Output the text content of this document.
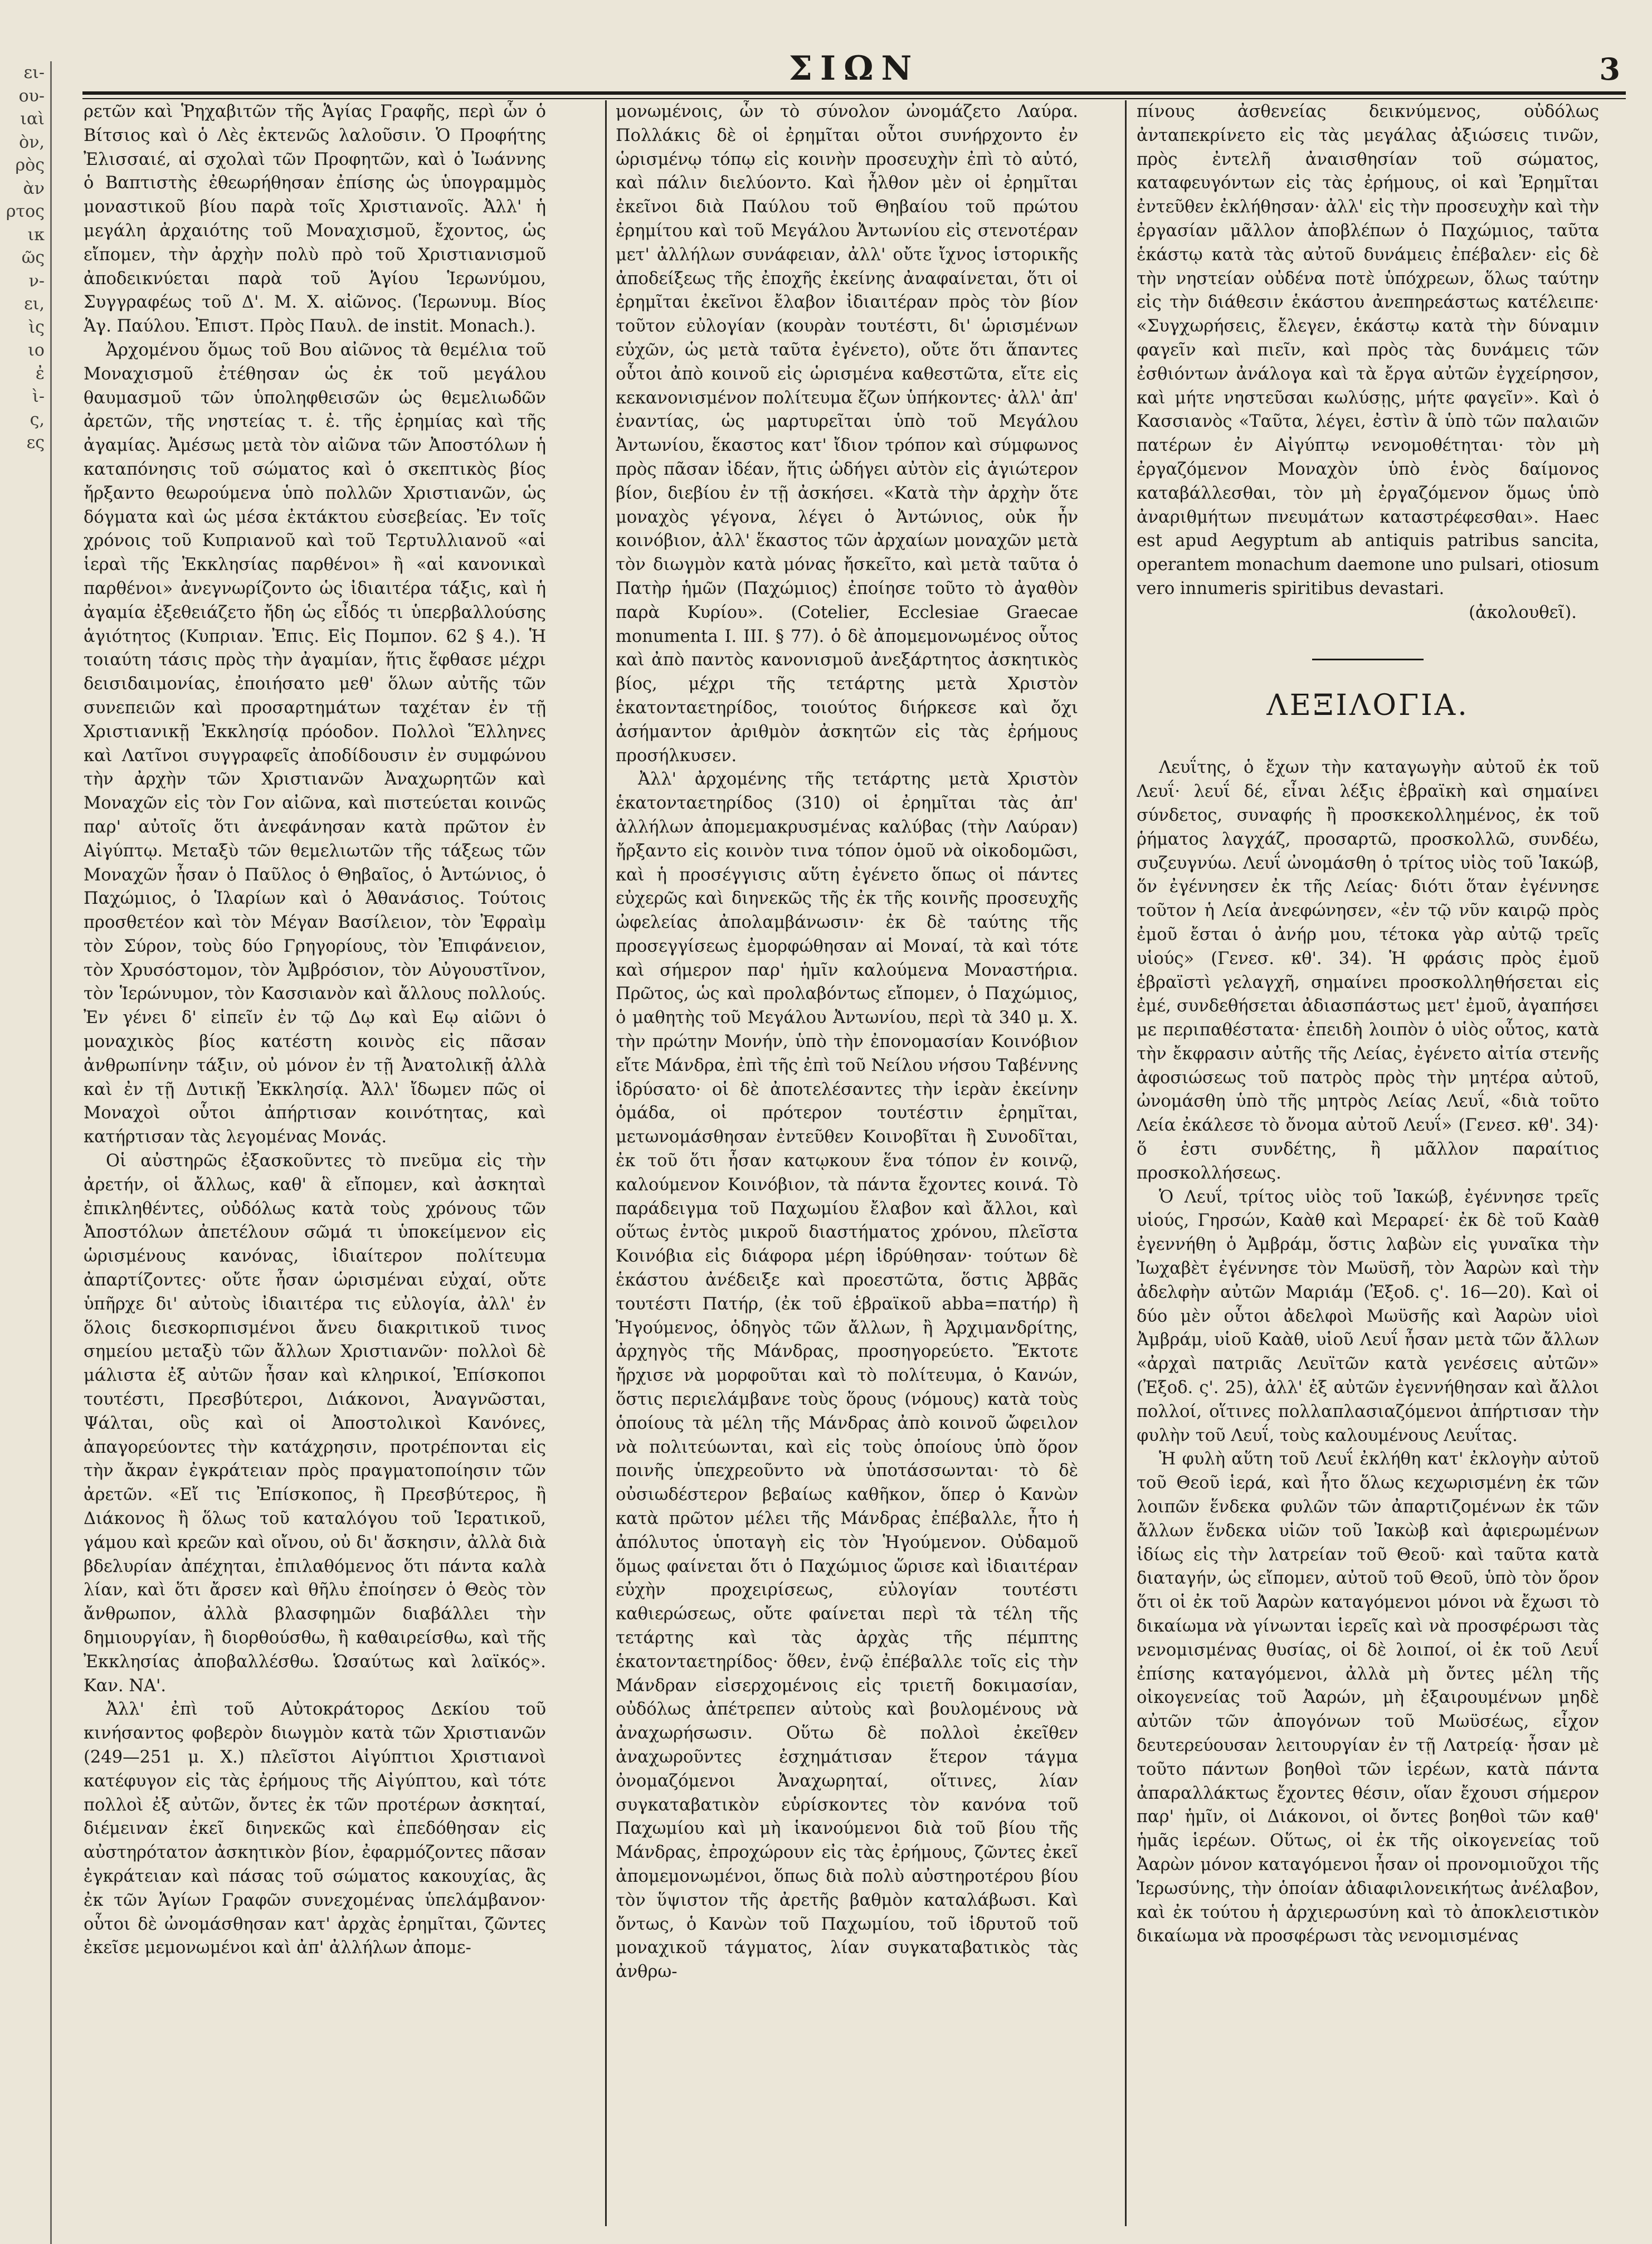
ει-
ου-
ιαὶ
ὸν,
ρὸς
ὰν
ρτος
ικ
ῶς
ν-
ει,
ὶς
ιο
ἐ
ὶ-
ς,
ες
ΣΙΩΝ	3

ρετῶν καὶ Ῥηχαβιτῶν τῆς Ἁγίας Γραφῆς, περὶ ὧν ὁ Βίτσιος καὶ ὁ Λὲς ἐκτενῶς λαλοῦσιν. Ὁ Προφήτης Ἐλισσαιέ, αἱ σχολαὶ τῶν Προφητῶν, καὶ ὁ Ἰωάννης ὁ Βαπτιστὴς ἐθεωρήθησαν ἐπίσης ὡς ὑπογραμμὸς μοναστικοῦ βίου παρὰ τοῖς Χριστιανοῖς. Ἀλλ' ἡ μεγάλη ἀρχαιότης τοῦ Μοναχισμοῦ, ἔχοντος, ὡς εἴπομεν, τὴν ἀρχὴν πολὺ πρὸ τοῦ Χριστιανισμοῦ ἀποδεικνύεται παρὰ τοῦ Ἁγίου Ἱερωνύμου, Συγγραφέως τοῦ Δ'. Μ. Χ. αἰῶνος. (Ἱερωνυμ. Βίος Ἁγ. Παύλου. Ἐπιστ. Πρὸς Παυλ. de instit. Monach.).

Ἀρχομένου ὅμως τοῦ Βου αἰῶνος τὰ θεμέλια τοῦ Μοναχισμοῦ ἐτέθησαν ὡς ἐκ τοῦ μεγάλου θαυμασμοῦ τῶν ὑποληφθεισῶν ὡς θεμελιωδῶν ἀρετῶν, τῆς νηστείας τ. ἐ. τῆς ἐρημίας καὶ τῆς ἀγαμίας. Ἀμέσως μετὰ τὸν αἰῶνα τῶν Ἀποστόλων ἡ καταπόνησις τοῦ σώματος καὶ ὁ σκεπτικὸς βίος ἤρξαντο θεωρούμενα ὑπὸ πολλῶν Χριστιανῶν, ὡς δόγματα καὶ ὡς μέσα ἐκτάκτου εὐσεβείας. Ἐν τοῖς χρόνοις τοῦ Κυπριανοῦ καὶ τοῦ Τερτυλλιανοῦ «αἱ ἱεραὶ τῆς Ἐκκλησίας παρθένοι» ἢ «αἱ κανονικαὶ παρθένοι» ἀνεγνωρίζοντο ὡς ἰδιαιτέρα τάξις, καὶ ἡ ἀγαμία ἐξεθειάζετο ἤδη ὡς εἶδός τι ὑπερβαλλούσης ἁγιότητος (Κυπριαν. Ἐπις. Εἰς Πομπον. 62 § 4.). Ἡ τοιαύτη τάσις πρὸς τὴν ἀγαμίαν, ἥτις ἔφθασε μέχρι δεισιδαιμονίας, ἐποιήσατο μεθ' ὅλων αὐτῆς τῶν συνεπειῶν καὶ προσαρτημάτων ταχέταν ἐν τῇ Χριστιανικῇ Ἐκκλησίᾳ πρόοδον. Πολλοὶ Ἕλληνες καὶ Λατῖνοι συγγραφεῖς ἀποδίδουσιν ἐν συμφώνου τὴν ἀρχὴν τῶν Χριστιανῶν Ἀναχωρητῶν καὶ Μοναχῶν εἰς τὸν Γον αἰῶνα, καὶ πιστεύεται κοινῶς παρ' αὐτοῖς ὅτι ἀνεφάνησαν κατὰ πρῶτον ἐν Αἰγύπτῳ. Μεταξὺ τῶν θεμελιωτῶν τῆς τάξεως τῶν Μοναχῶν ἦσαν ὁ Παῦλος ὁ Θηβαῖος, ὁ Ἀντώνιος, ὁ Παχώμιος, ὁ Ἱλαρίων καὶ ὁ Ἀθανάσιος. Τούτοις προσθετέον καὶ τὸν Μέγαν Βασίλειον, τὸν Ἐφραὶμ τὸν Σύρον, τοὺς δύο Γρηγορίους, τὸν Ἐπιφάνειον, τὸν Χρυσόστομον, τὸν Ἀμβρόσιον, τὸν Αὐγουστῖνον, τὸν Ἱερώνυμον, τὸν Κασσιανὸν καὶ ἄλλους πολλούς. Ἐν γένει δ' εἰπεῖν ἐν τῷ Δῳ καὶ Εῳ αἰῶνι ὁ μοναχικὸς βίος κατέστη κοινὸς εἰς πᾶσαν ἀνθρωπίνην τάξιν, οὐ μόνον ἐν τῇ Ἀνατολικῇ ἀλλὰ καὶ ἐν τῇ Δυτικῇ Ἐκκλησίᾳ. Ἀλλ' ἴδωμεν πῶς οἱ Μοναχοὶ οὗτοι ἀπήρτισαν κοινότητας, καὶ κατήρτισαν τὰς λεγομένας Μονάς.

Οἱ αὐστηρῶς ἐξασκοῦντες τὸ πνεῦμα εἰς τὴν ἀρετήν, οἱ ἄλλως, καθ' ἃ εἴπομεν, καὶ ἀσκηταὶ ἐπικληθέντες, οὐδόλως κατὰ τοὺς χρόνους τῶν Ἀποστόλων ἀπετέλουν σῶμά τι ὑποκείμενον εἰς ὡρισμένους κανόνας, ἰδιαίτερον πολίτευμα ἀπαρτίζοντες· οὔτε ἦσαν ὡρισμέναι εὐχαί, οὔτε ὑπῆρχε δι' αὐτοὺς ἰδιαιτέρα τις εὐλογία, ἀλλ' ἐν ὅλοις διεσκορπισμένοι ἄνευ διακριτικοῦ τινος σημείου μεταξὺ τῶν ἄλλων Χριστιανῶν· πολλοὶ δὲ μάλιστα ἐξ αὐτῶν ἦσαν καὶ κληρικοί, Ἐπίσκοποι τουτέστι, Πρεσβύτεροι, Διάκονοι, Ἀναγνῶσται, Ψάλται, οὓς καὶ οἱ Ἀποστολικοὶ Κανόνες, ἀπαγορεύοντες τὴν κατάχρησιν, προτρέπονται εἰς τὴν ἄκραν ἐγκράτειαν πρὸς πραγματοποίησιν τῶν ἀρετῶν. «Εἴ τις Ἐπίσκοπος, ἢ Πρεσβύτερος, ἢ Διάκονος ἢ ὅλως τοῦ καταλόγου τοῦ Ἱερατικοῦ, γάμου καὶ κρεῶν καὶ οἴνου, οὐ δι' ἄσκησιν, ἀλλὰ διὰ βδελυρίαν ἀπέχηται, ἐπιλαθόμενος ὅτι πάντα καλὰ λίαν, καὶ ὅτι ἄρσεν καὶ θῆλυ ἐποίησεν ὁ Θεὸς τὸν ἄνθρωπον, ἀλλὰ βλασφημῶν διαβάλλει τὴν δημιουργίαν, ἢ διορθούσθω, ἢ καθαιρείσθω, καὶ τῆς Ἐκκλησίας ἀποβαλλέσθω. Ὡσαύτως καὶ λαϊκός». Καν. ΝΑ'.

Ἀλλ' ἐπὶ τοῦ Αὐτοκράτορος Δεκίου τοῦ κινήσαντος φοβερὸν διωγμὸν κατὰ τῶν Χριστιανῶν (249—251 μ. Χ.) πλεῖστοι Αἰγύπτιοι Χριστιανοὶ κατέφυγον εἰς τὰς ἐρήμους τῆς Αἰγύπτου, καὶ τότε πολλοὶ ἐξ αὐτῶν, ὄντες ἐκ τῶν προτέρων ἀσκηταί, διέμειναν ἐκεῖ διηνεκῶς καὶ ἐπεδόθησαν εἰς αὐστηρότατον ἀσκητικὸν βίον, ἐφαρμόζοντες πᾶσαν ἐγκράτειαν καὶ πάσας τοῦ σώματος κακουχίας, ἃς ἐκ τῶν Ἁγίων Γραφῶν συνεχομένας ὑπελάμβανον· οὗτοι δὲ ὠνομάσθησαν κατ' ἀρχὰς ἐρημῖται, ζῶντες ἐκεῖσε μεμονωμένοι καὶ ἀπ' ἀλλήλων ἀπομε-

μονωμένοις, ὧν τὸ σύνολον ὠνομάζετο Λαύρα. Πολλάκις δὲ οἱ ἐρημῖται οὗτοι συνήρχοντο ἐν ὡρισμένῳ τόπῳ εἰς κοινὴν προσευχὴν ἐπὶ τὸ αὐτό, καὶ πάλιν διελύοντο. Καὶ ἦλθον μὲν οἱ ἐρημῖται ἐκεῖνοι διὰ Παύλου τοῦ Θηβαίου τοῦ πρώτου ἐρημίτου καὶ τοῦ Μεγάλου Ἀντωνίου εἰς στενοτέραν μετ' ἀλλήλων συνάφειαν, ἀλλ' οὔτε ἴχνος ἱστορικῆς ἀποδείξεως τῆς ἐποχῆς ἐκείνης ἀναφαίνεται, ὅτι οἱ ἐρημῖται ἐκεῖνοι ἔλαβον ἰδιαιτέραν πρὸς τὸν βίον τοῦτον εὐλογίαν (κουρὰν τουτέστι, δι' ὡρισμένων εὐχῶν, ὡς μετὰ ταῦτα ἐγένετο), οὔτε ὅτι ἅπαντες οὗτοι ἀπὸ κοινοῦ εἰς ὡρισμένα καθεστῶτα, εἴτε εἰς κεκανονισμένον πολίτευμα ἔζων ὑπήκοντες· ἀλλ' ἀπ' ἐναντίας, ὡς μαρτυρεῖται ὑπὸ τοῦ Μεγάλου Ἀντωνίου, ἕκαστος κατ' ἴδιον τρόπον καὶ σύμφωνος πρὸς πᾶσαν ἰδέαν, ἥτις ὡδήγει αὐτὸν εἰς ἁγιώτερον βίον, διεβίου ἐν τῇ ἀσκήσει. «Κατὰ τὴν ἀρχὴν ὅτε μοναχὸς γέγονα, λέγει ὁ Ἀντώνιος, οὐκ ἦν κοινόβιον, ἀλλ' ἕκαστος τῶν ἀρχαίων μοναχῶν μετὰ τὸν διωγμὸν κατὰ μόνας ἤσκεῖτο, καὶ μετὰ ταῦτα ὁ Πατὴρ ἡμῶν (Παχώμιος) ἐποίησε τοῦτο τὸ ἀγαθὸν παρὰ Κυρίου». (Cotelier, Ecclesiae Graecae monumenta I. III. § 77). ὁ δὲ ἀπομεμονωμένος οὗτος καὶ ἀπὸ παντὸς κανονισμοῦ ἀνεξάρτητος ἀσκητικὸς βίος, μέχρι τῆς τετάρτης μετὰ Χριστὸν ἑκατονταετηρίδος, τοιούτος διήρκεσε καὶ ὄχι ἀσήμαντον ἀριθμὸν ἀσκητῶν εἰς τὰς ἐρήμους προσήλκυσεν.

Ἀλλ' ἀρχομένης τῆς τετάρτης μετὰ Χριστὸν ἑκατονταετηρίδος (310) οἱ ἐρημῖται τὰς ἀπ' ἀλλήλων ἀπομεμακρυσμένας καλύβας (τὴν Λαύραν) ἤρξαντο εἰς κοινὸν τινα τόπον ὁμοῦ νὰ οἰκοδομῶσι, καὶ ἡ προσέγγισις αὕτη ἐγένετο ὅπως οἱ πάντες εὐχερῶς καὶ διηνεκῶς τῆς ἐκ τῆς κοινῆς προσευχῆς ὠφελείας ἀπολαμβάνωσιν· ἐκ δὲ ταύτης τῆς προσεγγίσεως ἐμορφώθησαν αἱ Μοναί, τὰ καὶ τότε καὶ σήμερον παρ' ἡμῖν καλούμενα Μοναστήρια. Πρῶτος, ὡς καὶ προλαβόντως εἴπομεν, ὁ Παχώμιος, ὁ μαθητὴς τοῦ Μεγάλου Ἀντωνίου, περὶ τὰ 340 μ. Χ. τὴν πρώτην Μονήν, ὑπὸ τὴν ἐπονομασίαν Κοινόβιον εἴτε Μάνδρα, ἐπὶ τῆς ἐπὶ τοῦ Νείλου νήσου Ταβέννης ἱδρύσατο· οἱ δὲ ἀποτελέσαντες τὴν ἱερὰν ἐκείνην ὁμάδα, οἱ πρότερον τουτέστιν ἐρημῖται, μετωνομάσθησαν ἐντεῦθεν Κοινοβῖται ἢ Συνοδῖται, ἐκ τοῦ ὅτι ἦσαν κατῳκουν ἕνα τόπον ἐν κοινῷ, καλούμενον Κοινόβιον, τὰ πάντα ἔχοντες κοινά. Τὸ παράδειγμα τοῦ Παχωμίου ἔλαβον καὶ ἄλλοι, καὶ οὕτως ἐντὸς μικροῦ διαστήματος χρόνου, πλεῖστα Κοινόβια εἰς διάφορα μέρη ἱδρύθησαν· τούτων δὲ ἑκάστου ἀνέδειξε καὶ προεστῶτα, ὅστις Ἀββᾶς τουτέστι Πατήρ, (ἐκ τοῦ ἑβραϊκοῦ abba=πατήρ) ἢ Ἡγούμενος, ὁδηγὸς τῶν ἄλλων, ἢ Ἀρχιμανδρίτης, ἀρχηγὸς τῆς Μάνδρας, προσηγορεύετο. Ἔκτοτε ἤρχισε νὰ μορφοῦται καὶ τὸ πολίτευμα, ὁ Κανών, ὅστις περιελάμβανε τοὺς ὅρους (νόμους) κατὰ τοὺς ὁποίους τὰ μέλη τῆς Μάνδρας ἀπὸ κοινοῦ ὤφειλον νὰ πολιτεύωνται, καὶ εἰς τοὺς ὁποίους ὑπὸ ὅρον ποινῆς ὑπεχρεοῦντο νὰ ὑποτάσσωνται· τὸ δὲ οὐσιωδέστερον βεβαίως καθῆκον, ὅπερ ὁ Κανὼν κατὰ πρῶτον μέλει τῆς Μάνδρας ἐπέβαλλε, ἦτο ἡ ἀπόλυτος ὑποταγὴ εἰς τὸν Ἡγούμενον. Οὐδαμοῦ ὅμως φαίνεται ὅτι ὁ Παχώμιος ὥρισε καὶ ἰδιαιτέραν εὐχὴν προχειρίσεως, εὐλογίαν τουτέστι καθιερώσεως, οὔτε φαίνεται περὶ τὰ τέλη τῆς τετάρτης καὶ τὰς ἀρχὰς τῆς πέμπτης ἑκατονταετηρίδος· ὅθεν, ἐνῷ ἐπέβαλλε τοῖς εἰς τὴν Μάνδραν εἰσερχομένοις εἰς τριετῆ δοκιμασίαν, οὐδόλως ἀπέτρεπεν αὐτοὺς καὶ βουλομένους νὰ ἀναχωρήσωσιν. Οὕτω δὲ πολλοὶ ἐκεῖθεν ἀναχωροῦντες ἐσχημάτισαν ἕτερον τάγμα ὀνομαζόμενοι Ἀναχωρηταί, οἵτινες, λίαν συγκαταβατικὸν εὑρίσκοντες τὸν κανόνα τοῦ Παχωμίου καὶ μὴ ἱκανούμενοι διὰ τοῦ βίου τῆς Μάνδρας, ἐπροχώρουν εἰς τὰς ἐρήμους, ζῶντες ἐκεῖ ἀπομεμονωμένοι, ὅπως διὰ πολὺ αὐστηροτέρου βίου τὸν ὕψιστον τῆς ἀρετῆς βαθμὸν καταλάβωσι. Καὶ ὄντως, ὁ Κανὼν τοῦ Παχωμίου, τοῦ ἱδρυτοῦ τοῦ μοναχικοῦ τάγματος, λίαν συγκαταβατικὸς τὰς ἀνθρω-

πίνους ἀσθενείας δεικνύμενος, οὐδόλως ἀνταπεκρίνετο εἰς τὰς μεγάλας ἀξιώσεις τινῶν, πρὸς ἐντελῆ ἀναισθησίαν τοῦ σώματος, καταφευγόντων εἰς τὰς ἐρήμους, οἱ καὶ Ἐρημῖται ἐντεῦθεν ἐκλήθησαν· ἀλλ' εἰς τὴν προσευχὴν καὶ τὴν ἐργασίαν μᾶλλον ἀποβλέπων ὁ Παχώμιος, ταῦτα ἑκάστῳ κατὰ τὰς αὐτοῦ δυνάμεις ἐπέβαλεν· εἰς δὲ τὴν νηστείαν οὐδένα ποτὲ ὑπόχρεων, ὅλως ταύτην εἰς τὴν διάθεσιν ἑκάστου ἀνεπηρεάστως κατέλειπε· «Συγχωρήσεις, ἔλεγεν, ἑκάστῳ κατὰ τὴν δύναμιν φαγεῖν καὶ πιεῖν, καὶ πρὸς τὰς δυνάμεις τῶν ἐσθιόντων ἀνάλογα καὶ τὰ ἔργα αὐτῶν ἐγχείρησον, καὶ μήτε νηστεῦσαι κωλύσῃς, μήτε φαγεῖν». Καὶ ὁ Κασσιανὸς «Ταῦτα, λέγει, ἐστὶν ἃ ὑπὸ τῶν παλαιῶν πατέρων ἐν Αἰγύπτῳ νενομοθέτηται· τὸν μὴ ἐργαζόμενον Μοναχὸν ὑπὸ ἑνὸς δαίμονος καταβάλλεσθαι, τὸν μὴ ἐργαζόμενον ὅμως ὑπὸ ἀναριθμήτων πνευμάτων καταστρέφεσθαι». Haec est apud Aegyptum ab antiquis patribus sancita, operantem monachum daemone uno pulsari, otiosum vero innumeris spiritibus devastari.

(ἀκολουθεῖ).

ΛΕΞΙΛΟΓΙΑ.

Λευΐτης, ὁ ἔχων τὴν καταγωγὴν αὐτοῦ ἐκ τοῦ Λευΐ· λευΐ δέ, εἶναι λέξις ἑβραϊκὴ καὶ σημαίνει σύνδετος, συναφής ἢ προσκεκολλημένος, ἐκ τοῦ ῥήματος λαγχάζ, προσαρτῶ, προσκολλῶ, συνδέω, συζευγνύω. Λευΐ ὠνομάσθη ὁ τρίτος υἱὸς τοῦ Ἰακώβ, ὅν ἐγέννησεν ἐκ τῆς Λείας· διότι ὅταν ἐγέννησε τοῦτον ἡ Λεία ἀνεφώνησεν, «ἐν τῷ νῦν καιρῷ πρὸς ἐμοῦ ἔσται ὁ ἀνήρ μου, τέτοκα γὰρ αὐτῷ τρεῖς υἱούς» (Γενεσ. κθ'. 34). Ἡ φράσις πρὸς ἐμοῦ ἑβραϊστὶ γελαγχῆ, σημαίνει προσκολληθήσεται εἰς ἐμέ, συνδεθήσεται ἀδιασπάστως μετ' ἐμοῦ, ἀγαπήσει με περιπαθέστατα· ἐπειδὴ λοιπὸν ὁ υἱὸς οὗτος, κατὰ τὴν ἔκφρασιν αὐτῆς τῆς Λείας, ἐγένετο αἰτία στενῆς ἀφοσιώσεως τοῦ πατρὸς πρὸς τὴν μητέρα αὐτοῦ, ὠνομάσθη ὑπὸ τῆς μητρὸς Λείας Λευΐ, «διὰ τοῦτο Λεία ἐκάλεσε τὸ ὄνομα αὐτοῦ Λευΐ» (Γενεσ. κθ'. 34)· ὅ ἐστι συνδέτης, ἢ μᾶλλον παραίτιος προσκολλήσεως.

Ὁ Λευΐ, τρίτος υἱὸς τοῦ Ἰακώβ, ἐγέννησε τρεῖς υἱούς, Γηρσών, Καὰθ καὶ Μεραρεί· ἐκ δὲ τοῦ Καὰθ ἐγεννήθη ὁ Ἀμβράμ, ὅστις λαβὼν εἰς γυναῖκα τὴν Ἰωχαβὲτ ἐγέννησε τὸν Μωϋσῆ, τὸν Ἀαρὼν καὶ τὴν ἀδελφὴν αὐτῶν Μαριάμ (Ἐξοδ. ς'. 16—20). Καὶ οἱ δύο μὲν οὗτοι ἀδελφοὶ Μωϋσῆς καὶ Ἀαρὼν υἱοὶ Ἀμβράμ, υἱοῦ Καὰθ, υἱοῦ Λευΐ ἦσαν μετὰ τῶν ἄλλων «ἀρχαὶ πατριᾶς Λευϊτῶν κατὰ γενέσεις αὐτῶν» (Ἐξοδ. ς'. 25), ἀλλ' ἐξ αὐτῶν ἐγεννήθησαν καὶ ἄλλοι πολλοί, οἵτινες πολλαπλασιαζόμενοι ἀπήρτισαν τὴν φυλὴν τοῦ Λευΐ, τοὺς καλουμένους Λευΐτας.

Ἡ φυλὴ αὕτη τοῦ Λευΐ ἐκλήθη κατ' ἐκλογὴν αὐτοῦ τοῦ Θεοῦ ἱερά, καὶ ἦτο ὅλως κεχωρισμένη ἐκ τῶν λοιπῶν ἕνδεκα φυλῶν τῶν ἀπαρτιζομένων ἐκ τῶν ἄλλων ἕνδεκα υἱῶν τοῦ Ἰακὼβ καὶ ἀφιερωμένων ἰδίως εἰς τὴν λατρείαν τοῦ Θεοῦ· καὶ ταῦτα κατὰ διαταγήν, ὡς εἴπομεν, αὐτοῦ τοῦ Θεοῦ, ὑπὸ τὸν ὅρον ὅτι οἱ ἐκ τοῦ Ἀαρὼν καταγόμενοι μόνοι νὰ ἔχωσι τὸ δικαίωμα νὰ γίνωνται ἱερεῖς καὶ νὰ προσφέρωσι τὰς νενομισμένας θυσίας, οἱ δὲ λοιποί, οἱ ἐκ τοῦ Λευΐ ἐπίσης καταγόμενοι, ἀλλὰ μὴ ὄντες μέλη τῆς οἰκογενείας τοῦ Ἀαρών, μὴ ἐξαιρουμένων μηδὲ αὐτῶν τῶν ἀπογόνων τοῦ Μωϋσέως, εἶχον δευτερεύουσαν λειτουργίαν ἐν τῇ Λατρείᾳ· ἦσαν μὲ τοῦτο πάντων βοηθοὶ τῶν ἱερέων, κατὰ πάντα ἀπαραλλάκτως ἔχοντες θέσιν, οἵαν ἔχουσι σήμερον παρ' ἡμῖν, οἱ Διάκονοι, οἱ ὄντες βοηθοὶ τῶν καθ' ἡμᾶς ἱερέων. Οὕτως, οἱ ἐκ τῆς οἰκογενείας τοῦ Ἀαρὼν μόνον καταγόμενοι ἦσαν οἱ προνομιοῦχοι τῆς Ἱερωσύνης, τὴν ὁποίαν ἀδιαφιλονεικήτως ἀνέλαβον, καὶ ἐκ τούτου ἡ ἀρχιερωσύνη καὶ τὸ ἀποκλειστικὸν δικαίωμα νὰ προσφέρωσι τὰς νενομισμένας
